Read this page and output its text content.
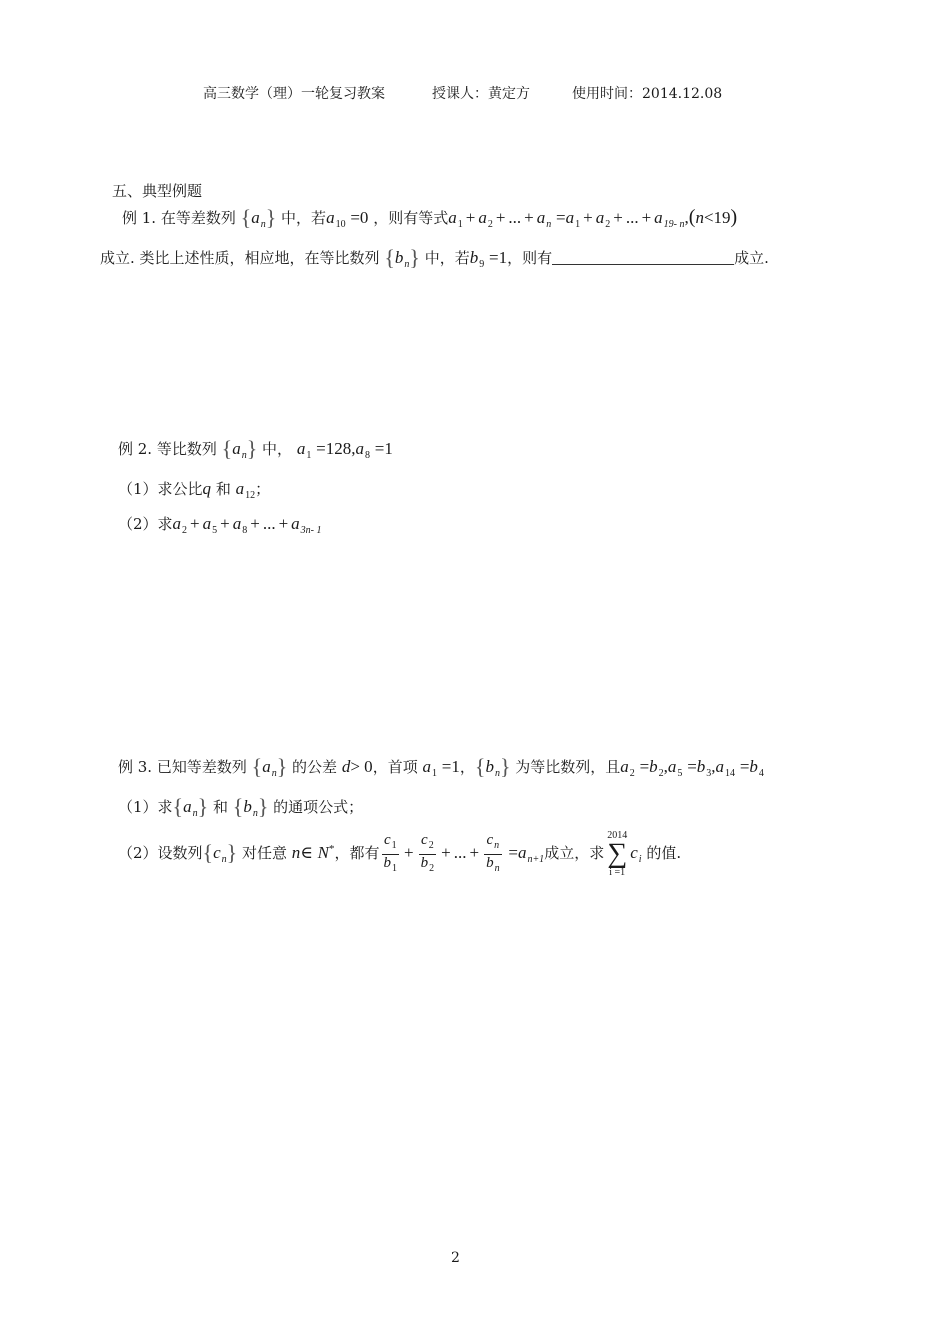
高三数学（理）一轮复习教案	授课人：黄定方	使用时间：2014.12.08
五、典型例题
例 1. 在等差数列 $\{a_n\}$ 中，若$a_{10} =0$ ，则有等式$a_1 + a_2$ + ... + $a_n =a_1 + a_2$ + ... + $a_{19- n},(n<19)$
成立. 类比上述性质，相应地，在等比数列 $\{b_n\}$ 中，若$b_9 =1$，则有	成立.
例 2. 等比数列 $\{a_n\}$ 中， $a_1 =128,a_8 =1$
（1）求公比q 和 $a_{12}$；
（2）求$a_2 + a_5 + a_8$ + ... + $a_{3n- 1}$
例 3. 已知等差数列 $\{a_n\}$ 的公差 d> 0，首项 $a_1 =1$，$\{b_n\}$ 为等比数列，且$a_2 =b_2,a_5 =b_3,a_{14} =b_4$
（1）求$\{a_n\}$ 和 $\{b_n\}$ 的通项公式；
（2）设数列$\{c_n\}$ 对任意 n∈ N*，都有 $\frac{c_1}{b_1} + \frac{c_2}{b_2}$ + ... + $\frac{c_n}{b_n} =a_{n+1}$成立，求
2014
∑
i =1
$c_i$ 的值.
2
